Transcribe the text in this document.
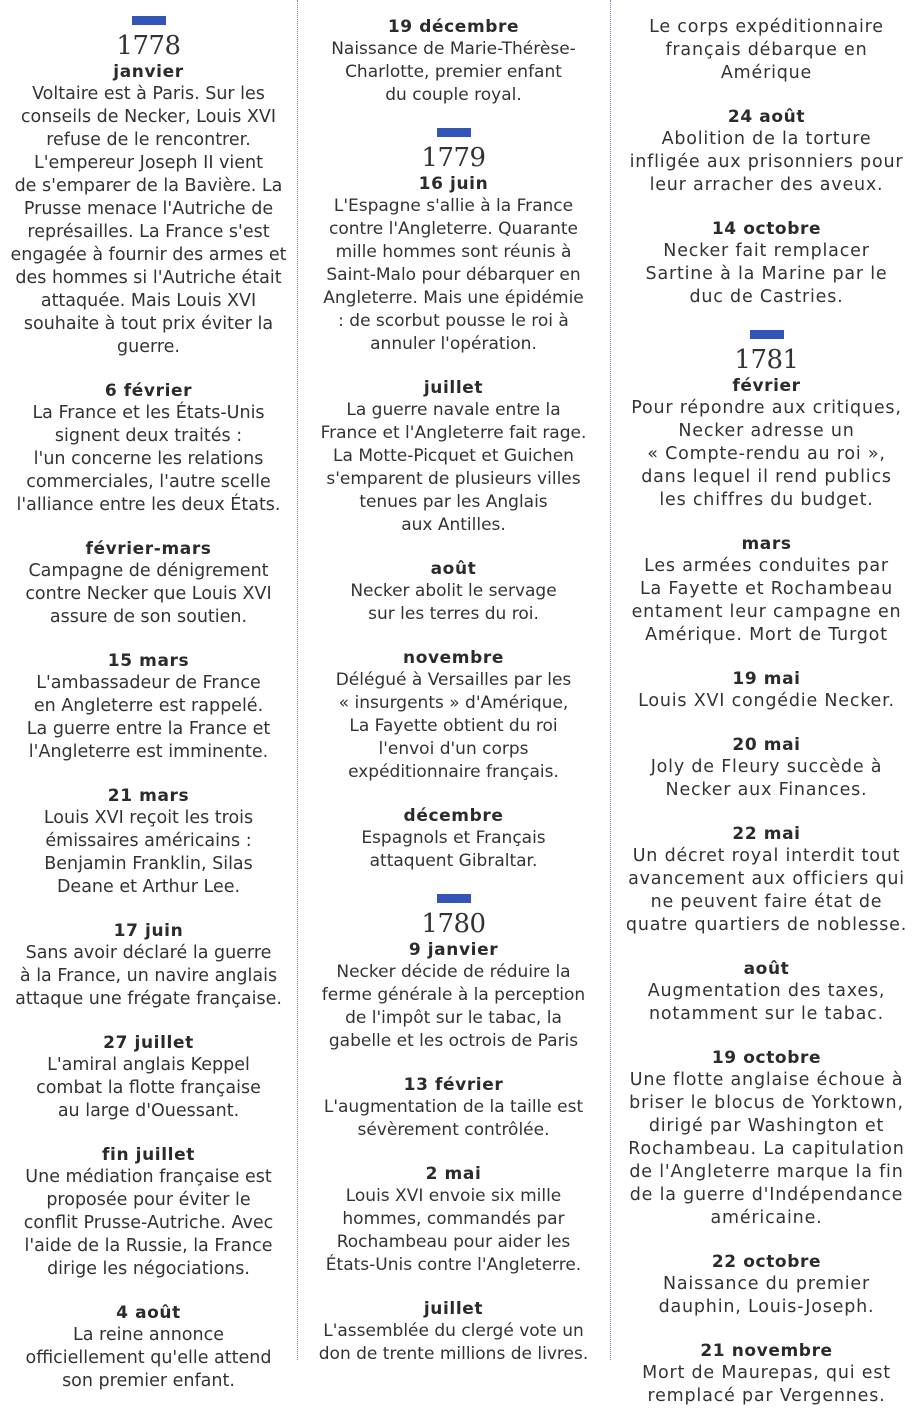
1778
janvier
Voltaire est à Paris. Sur les
conseils de Necker, Louis XVI
refuse de le rencontrer.
L'empereur Joseph II vient
de s'emparer de la Bavière. La
Prusse menace l'Autriche de
représailles. La France s'est
engagée à fournir des armes et
des hommes si l'Autriche était
attaquée. Mais Louis XVI
souhaite à tout prix éviter la
guerre.
6 février
La France et les États-Unis
signent deux traités :
l'un concerne les relations
commerciales, l'autre scelle
l'alliance entre les deux États.
février-mars
Campagne de dénigrement
contre Necker que Louis XVI
assure de son soutien.
15 mars
L'ambassadeur de France
en Angleterre est rappelé.
La guerre entre la France et
l'Angleterre est imminente.
21 mars
Louis XVI reçoit les trois
émissaires américains :
Benjamin Franklin, Silas
Deane et Arthur Lee.
17 juin
Sans avoir déclaré la guerre
à la France, un navire anglais
attaque une frégate française.
27 juillet
L'amiral anglais Keppel
combat la flotte française
au large d'Ouessant.
fin juillet
Une médiation française est
proposée pour éviter le
conflit Prusse-Autriche. Avec
l'aide de la Russie, la France
dirige les négociations.
4 août
La reine annonce
officiellement qu'elle attend
son premier enfant.
19 décembre
Naissance de Marie-Thérèse-
Charlotte, premier enfant
du couple royal.
1779
16 juin
L'Espagne s'allie à la France
contre l'Angleterre. Quarante
mille hommes sont réunis à
Saint-Malo pour débarquer en
Angleterre. Mais une épidémie
: de scorbut pousse le roi à
annuler l'opération.
juillet
La guerre navale entre la
France et l'Angleterre fait rage.
La Motte-Picquet et Guichen
s'emparent de plusieurs villes
tenues par les Anglais
aux Antilles.
août
Necker abolit le servage
sur les terres du roi.
novembre
Délégué à Versailles par les
« insurgents » d'Amérique,
La Fayette obtient du roi
l'envoi d'un corps
expéditionnaire français.
décembre
Espagnols et Français
attaquent Gibraltar.
1780
9 janvier
Necker décide de réduire la
ferme générale à la perception
de l'impôt sur le tabac, la
gabelle et les octrois de Paris
13 février
L'augmentation de la taille est
sévèrement contrôlée.
2 mai
Louis XVI envoie six mille
hommes, commandés par
Rochambeau pour aider les
États-Unis contre l'Angleterre.
juillet
L'assemblée du clergé vote un
don de trente millions de livres.
Le corps expéditionnaire
français débarque en Amérique
24 août
Abolition de la torture
infligée aux prisonniers pour
leur arracher des aveux.
14 octobre
Necker fait remplacer
Sartine à la Marine par le
duc de Castries.
1781
février
Pour répondre aux critiques,
Necker adresse un
« Compte-rendu au roi »,
dans lequel il rend publics
les chiffres du budget.
mars
Les armées conduites par
La Fayette et Rochambeau
entament leur campagne en
Amérique. Mort de Turgot
19 mai
Louis XVI congédie Necker.
20 mai
Joly de Fleury succède à
Necker aux Finances.
22 mai
Un décret royal interdit tout
avancement aux officiers qui
ne peuvent faire état de
quatre quartiers de noblesse.
août
Augmentation des taxes,
notamment sur le tabac.
19 octobre
Une flotte anglaise échoue à
briser le blocus de Yorktown,
dirigé par Washington et
Rochambeau. La capitulation
de l'Angleterre marque la fin
de la guerre d'Indépendance
américaine.
22 octobre
Naissance du premier
dauphin, Louis-Joseph.
21 novembre
Mort de Maurepas, qui est
remplacé par Vergennes.
